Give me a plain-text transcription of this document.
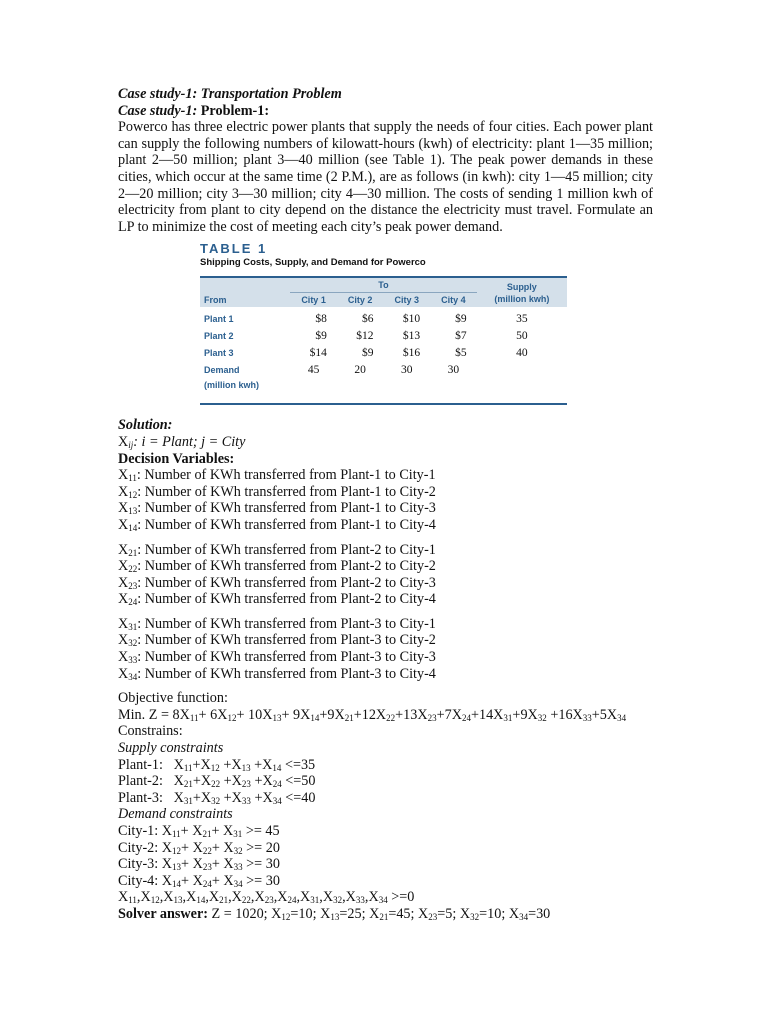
Case study-1: Transportation Problem
Case study-1: Problem-1:
Powerco has three electric power plants that supply the needs of four cities. Each power plant can supply the following numbers of kilowatt-hours (kwh) of electricity: plant 1—35 million; plant 2—50 million; plant 3—40 million (see Table 1). The peak power demands in these cities, which occur at the same time (2 P.M.), are as follows (in kwh): city 1—45 million; city 2—20 million; city 3—30 million; city 4—30 million. The costs of sending 1 million kwh of electricity from plant to city depend on the distance the electricity must travel. Formulate an LP to minimize the cost of meeting each city’s peak power demand.
TABLE 1
Shipping Costs, Supply, and Demand for Powerco
	To				Supply
(million kwh)
From	City 1	City 2	City 3	City 4	

Plant 1	$8	$6	$10	$9	35
Plant 2	$9	$12	$13	$7	50
Plant 3	$14	$9	$16	$5	40
Demand
(million kwh)	45	20	30	30	
Solution:
$X_{ij}$: i = Plant; j = City
Decision Variables:
$X_{11}$: Number of KWh transferred from Plant-1 to City-1
$X_{12}$: Number of KWh transferred from Plant-1 to City-2
$X_{13}$: Number of KWh transferred from Plant-1 to City-3
$X_{14}$: Number of KWh transferred from Plant-1 to City-4
$X_{21}$: Number of KWh transferred from Plant-2 to City-1
$X_{22}$: Number of KWh transferred from Plant-2 to City-2
$X_{23}$: Number of KWh transferred from Plant-2 to City-3
$X_{24}$: Number of KWh transferred from Plant-2 to City-4
$X_{31}$: Number of KWh transferred from Plant-3 to City-1
$X_{32}$: Number of KWh transferred from Plant-3 to City-2
$X_{33}$: Number of KWh transferred from Plant-3 to City-3
$X_{34}$: Number of KWh transferred from Plant-3 to City-4
Objective function:
Min. $Z = 8X_{11}+ 6X_{12}+ 10X_{13}+ 9X_{14}+9X_{21}+12X_{22}+13X_{23}+7X_{24}+14X_{31}+9X_{32} +16X_{33}+5X_{34}$
Constrains:
Supply constraints
Plant-1:   $X_{11}+X_{12} +X_{13} +X_{14} <=35$
Plant-2:   $X_{21}+X_{22} +X_{23} +X_{24} <=50$
Plant-3:   $X_{31}+X_{32} +X_{33} +X_{34} <=40$
Demand constraints
City-1: $X_{11}+ X_{21}+ X_{31} >= 45$
City-2: $X_{12}+ X_{22}+ X_{32} >= 20$
City-3: $X_{13}+ X_{23}+ X_{33} >= 30$
City-4: $X_{14}+ X_{24}+ X_{34} >= 30$
$X_{11},X_{12},X_{13},X_{14},X_{21},X_{22},X_{23},X_{24},X_{31},X_{32},X_{33},X_{34} >=0$
Solver answer: Z = 1020; $X_{12}=10$; $X_{13}=25$; $X_{21}=45$; $X_{23}=5$; $X_{32}=10$; $X_{34}=30$
